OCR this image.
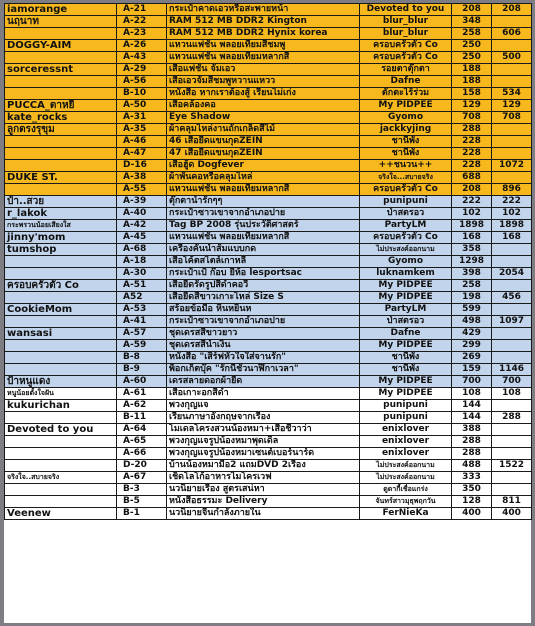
iamorange	A-21	กระเป๋าคาดเอวหรือสะพายหน้า	Devoted to you	208	208
นฤนาท	A-22	RAM 512 MB DDR2 Kington	blur_blur	348	
	A-23	RAM 512 MB DDR2 Hynix korea	blur_blur	258	606
DOGGY-AIM	A-26	แหวนแฟชั่น พลอยเทียมสีชมพู	ครอบครัวตัว Co	250	
	A-43	แหวนแฟชั่น พลอยเทียมหลากสี	ครอบครัวตัว Co	250	500
sorceressnt	A-29	เสื้อแฟชั่น จั๊มเอว	รอยตาตุ๊กตา	188	
	A-56	เสื้อเอวจั๊มสีชมพูหวานแหวว	Dafne	188	
	B-10	หนังสือ หากเราต้องสู้ เรียนไม่เก่ง	ตักตะไร้ร่วม	158	534
PUCCA_ตาหยี	A-50	เสื้อคล้องคอ	My PIDPEE	129	129
kate_rocks	A-31	Eye Shadow	Gyomo	708	708
ลูกตรงรุขุม	A-35	ผ้าคลุมไหล่งานถักเกล็ดสีไม้	jackkyjing	288	
	A-46	46 เสื้อยืดแขนกุดZEIN	ชานี้พั้ง	228	
	A-47	47 เสื้อยืดแขนกุดZEIN	ชานี้พั้ง	228	
	D-16	เสื้อฮู้ด Dogfever	++ชนวน++	228	1072
DUKE ST.	A-38	ผ้าพันคอหรือคลุมไหล่	จริงใจ...สบายจริง	688	
	A-55	แหวนแฟชั่น พลอยเทียมหลากสี	ครอบครัวตัว Co	208	896
ป๋า..สวย	A-39	ตุ๊กตาน้ำรักๆๆ	punipuni	222	222
r_lakok	A-40	กระเป๋าซาวเขาจากอำเภอปาย	ป่าสตรอว	102	102
กระพรวนน้อยเสียงใส	A-42	Tag BP 2008 รุ่นประวัติศาสตร์	PartyLM	1898	1898
jinny'mom	A-45	แหวนแฟชั่น พลอยเทียมหลากสี	ครอบครัวตัว Co	168	168
tumshop	A-68	เครื่องคั้นน้ำส้มแบบกด	ไม่ประสงค์ออกนาม	358	
	A-18	เสื้อโค้ตสไตล์เกาหลี	Gyomo	1298	
	A-30	กระเป๋าเป้ ก๊อบ ยี่ห้อ lesportsac	luknamkem	398	2054
ครอบครัวตัว Co	A-51	เสื้อยืดรัดรูปสีดำคอวี	My PIDPEE	258	
	A52	เสื้อยืดสีขาวเกาะไหล่ Size S	My PIDPEE	198	456
CookieMom	A-53	สร้อยข้อมือ หินหยินห	PartyLM	599	
	A-41	กระเป๋าซาวเขาจากอำเภอปาย	ป่าสตรอว	498	1097
wansasi	A-57	ชุดเดรสสีขาวยาว	Dafne	429	
	A-59	ชุดเดรสสีน้ำเงิน	My PIDPEE	299	
	B-8	หนังสือ "เสิร์ฟหัวใจใส่จานรัก"	ชานี้พั้ง	269	
	B-9	พ็อกเก็ตบุ๊ค "รักนี้ชั่วนาฬิกาเวลา"	ชานี้พั้ง	159	1146
ป้าหนูแดง	A-60	เดรสลายดอกผ้ายืด	My PIDPEE	700	700
หนูน้อยตั้งใจฝัน	A-61	เสื้อเกาะอกสีดำ	My PIDPEE	108	108
kukurichan	A-62	พวงกุญแจ	punipuni	144	
	B-11	เรียนภาษาอังกฤษจากเรื่อง	punipuni	144	288
Devoted to you	A-64	โมเดลโครงสวนน้องหมา+เสื้อชีวาว่า	enixlover	388	
	A-65	พวงกุญแจรูปน้องหมาพุดเดิ้ล	enixlover	288	
	A-66	พวงกุญแจรูปน้องหมาเซนต์เบอร์นาร์ด	enixlover	288	
	D-20	บ้านน้องหมามือ2 แถมDVD 2เรื่อง	ไม่ประสงค์ออกนาม	488	1522
จริงใจ..สบายจริง	A-67	เช็ดโลโก้อาหารไมโครเวฟ	ไม่ประสงค์ออกนาม	333	
	B-3	นวนิยายเรื่อง สูตรเสน่หา	ดูดากี้เชื่อแกร่ง	350	
	B-5	หนังสือธรรมะ Delivery	จันทร์สาวมุธุพฤกวัน	128	811
Veenew	B-1	นวนิยายจีนกำลังภายใน	FerNieKa	400	400
